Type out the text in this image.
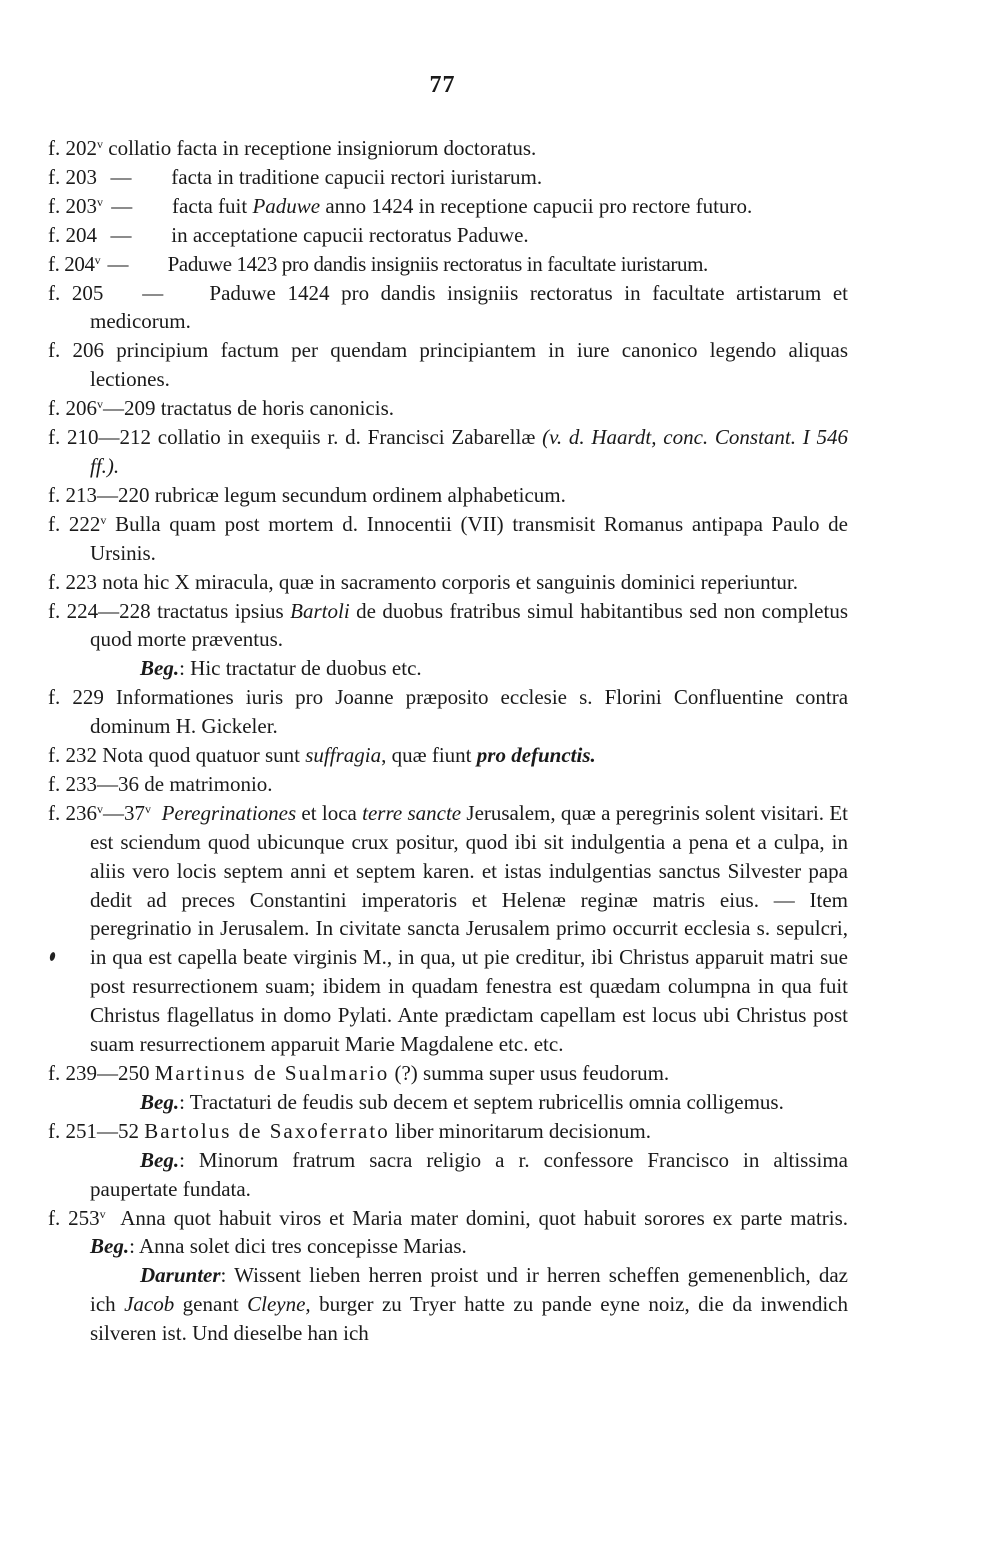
77
f. 202$^v$ collatio facta in receptione insigniorum doctoratus.
f. 203 — facta in traditione capucii rectori iuristarum.
f. 203$^v$ — facta fuit Paduwe anno 1424 in receptione capucii pro rectore futuro.
f. 204 — in acceptatione capucii rectoratus Paduwe.
f. 204$^v$ — Paduwe 1423 pro dandis insigniis rectoratus in facultate iuristarum.
f. 205 — Paduwe 1424 pro dandis insigniis rectoratus in facultate artistarum et medicorum.
f. 206 principium factum per quendam principiantem in iure canonico legendo aliquas lectiones.
f. 206$^v$—209 tractatus de horis canonicis.
f. 210—212 collatio in exequiis r. d. Francisci Zabarellæ (v. d. Haardt, conc. Constant. I 546 ff.).
f. 213—220 rubricæ legum secundum ordinem alphabeticum.
f. 222$^v$ Bulla quam post mortem d. Innocentii (VII) transmisit Romanus antipapa Paulo de Ursinis.
f. 223 nota hic X miracula, quæ in sacramento corporis et sanguinis dominici reperiuntur.
f. 224—228 tractatus ipsius Bartoli de duobus fratribus simul habitantibus sed non completus quod morte præventus.
Beg.: Hic tractatur de duobus etc.
f. 229 Informationes iuris pro Joanne præposito ecclesie s. Florini Confluentine contra dominum H. Gickeler.
f. 232 Nota quod quatuor sunt suffragia, quæ fiunt pro defunctis.
f. 233—36 de matrimonio.
f. 236$^v$—37$^v$ Peregrinationes et loca terre sancte Jerusalem, quæ a peregrinis solent visitari. Et est sciendum quod ubicunque crux positur, quod ibi sit indulgentia a pena et a culpa, in aliis vero locis septem anni et septem karen. et istas indulgentias sanctus Silvester papa dedit ad preces Constantini imperatoris et Helenæ reginæ matris eius. — Item peregrinatio in Jerusalem. In civitate sancta Jerusalem primo occurrit ecclesia s. sepulcri, in qua est capella beate virginis M., in qua, ut pie creditur, ibi Christus apparuit matri sue post resurrectionem suam; ibidem in quadam fenestra est quædam columpna in qua fuit Christus flagellatus in domo Pylati. Ante prædictam capellam est locus ubi Christus post suam resurrectionem apparuit Marie Magdalene etc. etc.
f. 239—250 Martinus de Sualmario (?) summa super usus feudorum.
Beg.: Tractaturi de feudis sub decem et septem rubricellis omnia colligemus.
f. 251—52 Bartolus de Saxoferrato liber minoritarum decisionum.
Beg.: Minorum fratrum sacra religio a r. confessore Francisco in altissima paupertate fundata.
f. 253$^v$ Anna quot habuit viros et Maria mater domini, quot habuit sorores ex parte matris. Beg.: Anna solet dici tres concepisse Marias.
Darunter: Wissent lieben herren proist und ir herren scheffen gemenenblich, daz ich Jacob genant Cleyne, burger zu Tryer hatte zu pande eyne noiz, die da inwendich silveren ist. Und dieselbe han ich
